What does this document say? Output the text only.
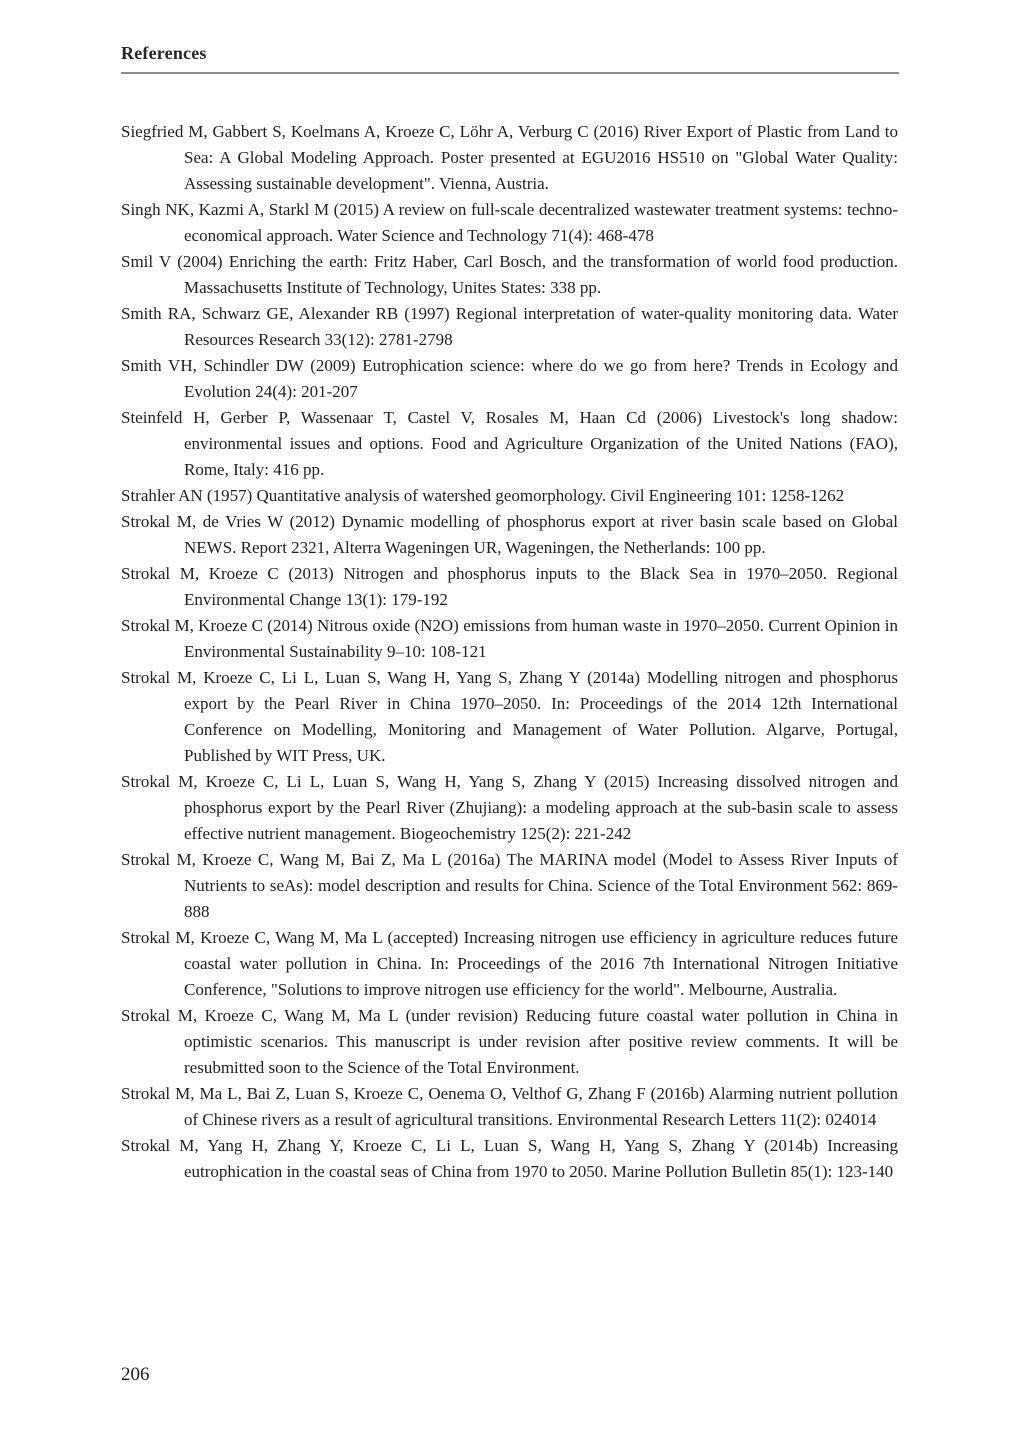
References

Siegfried M, Gabbert S, Koelmans A, Kroeze C, Löhr A, Verburg C (2016) River Export of Plastic from Land to Sea: A Global Modeling Approach. Poster presented at EGU2016 HS510 on "Global Water Quality: Assessing sustainable development". Vienna, Austria.

Singh NK, Kazmi A, Starkl M (2015) A review on full-scale decentralized wastewater treatment systems: techno-economical approach. Water Science and Technology 71(4): 468-478

Smil V (2004) Enriching the earth: Fritz Haber, Carl Bosch, and the transformation of world food production. Massachusetts Institute of Technology, Unites States: 338 pp.

Smith RA, Schwarz GE, Alexander RB (1997) Regional interpretation of water-quality monitoring data. Water Resources Research 33(12): 2781-2798

Smith VH, Schindler DW (2009) Eutrophication science: where do we go from here? Trends in Ecology and Evolution 24(4): 201-207

Steinfeld H, Gerber P, Wassenaar T, Castel V, Rosales M, Haan Cd (2006) Livestock's long shadow: environmental issues and options. Food and Agriculture Organization of the United Nations (FAO), Rome, Italy: 416 pp.

Strahler AN (1957) Quantitative analysis of watershed geomorphology. Civil Engineering 101: 1258-1262

Strokal M, de Vries W (2012) Dynamic modelling of phosphorus export at river basin scale based on Global NEWS. Report 2321, Alterra Wageningen UR, Wageningen, the Netherlands: 100 pp.

Strokal M, Kroeze C (2013) Nitrogen and phosphorus inputs to the Black Sea in 1970–2050. Regional Environmental Change 13(1): 179-192

Strokal M, Kroeze C (2014) Nitrous oxide (N2O) emissions from human waste in 1970–2050. Current Opinion in Environmental Sustainability 9–10: 108-121

Strokal M, Kroeze C, Li L, Luan S, Wang H, Yang S, Zhang Y (2014a) Modelling nitrogen and phosphorus export by the Pearl River in China 1970–2050. In: Proceedings of the 2014 12th International Conference on Modelling, Monitoring and Management of Water Pollution. Algarve, Portugal, Published by WIT Press, UK.

Strokal M, Kroeze C, Li L, Luan S, Wang H, Yang S, Zhang Y (2015) Increasing dissolved nitrogen and phosphorus export by the Pearl River (Zhujiang): a modeling approach at the sub-basin scale to assess effective nutrient management. Biogeochemistry 125(2): 221-242

Strokal M, Kroeze C, Wang M, Bai Z, Ma L (2016a) The MARINA model (Model to Assess River Inputs of Nutrients to seAs): model description and results for China. Science of the Total Environment 562: 869-888

Strokal M, Kroeze C, Wang M, Ma L (accepted) Increasing nitrogen use efficiency in agriculture reduces future coastal water pollution in China. In: Proceedings of the 2016 7th International Nitrogen Initiative Conference, "Solutions to improve nitrogen use efficiency for the world". Melbourne, Australia.

Strokal M, Kroeze C, Wang M, Ma L (under revision) Reducing future coastal water pollution in China in optimistic scenarios. This manuscript is under revision after positive review comments. It will be resubmitted soon to the Science of the Total Environment.

Strokal M, Ma L, Bai Z, Luan S, Kroeze C, Oenema O, Velthof G, Zhang F (2016b) Alarming nutrient pollution of Chinese rivers as a result of agricultural transitions. Environmental Research Letters 11(2): 024014

Strokal M, Yang H, Zhang Y, Kroeze C, Li L, Luan S, Wang H, Yang S, Zhang Y (2014b) Increasing eutrophication in the coastal seas of China from 1970 to 2050. Marine Pollution Bulletin 85(1): 123-140

206
